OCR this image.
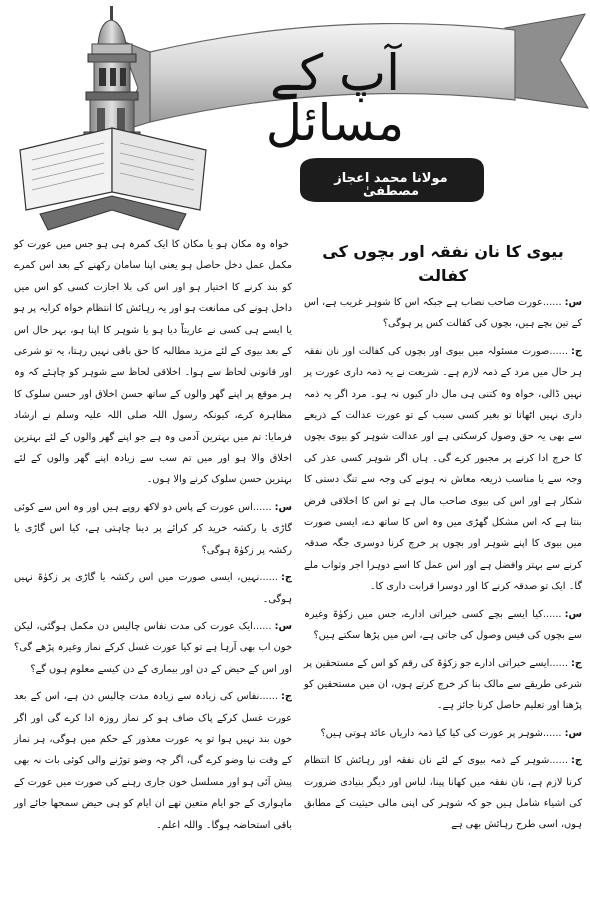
آپ کے مسائل
مولانا محمد اعجاز مصطفیٰ
بیوی کا نان نفقہ اور بچوں کی کفالت

س:......عورت صاحب نصاب ہے جبکہ اس کا شوہر غریب ہے، اس کے تین بچے ہیں، بچوں کی کفالت کس پر ہوگی؟

ج:......صورت مسئولہ میں بیوی اور بچوں کی کفالت اور نان نفقہ ہر حال میں مرد کے ذمہ لازم ہے۔ شریعت نے یہ ذمہ داری عورت پر نہیں ڈالی، خواہ وہ کتنی ہی مال دار کیوں نہ ہو۔ مرد اگر یہ ذمہ داری نہیں اٹھاتا تو بغیر کسی سبب کے تو عورت عدالت کے ذریعے سے بھی یہ حق وصول کرسکتی ہے اور عدالت شوہر کو بیوی بچوں کا خرچ ادا کرنے پر مجبور کرے گی۔ ہاں اگر شوہر کسی عذر کی وجہ سے یا مناسب ذریعہ معاش نہ ہونے کی وجہ سے تنگ دستی کا شکار ہے اور اس کی بیوی صاحب مال ہے تو اس کا اخلاقی فرض بنتا ہے کہ اس مشکل گھڑی میں وہ اس کا ساتھ دے، ایسی صورت میں بیوی کا اپنے شوہر اور بچوں پر خرچ کرنا دوسری جگہ صدقہ کرنے سے بہتر وافضل ہے اور اس عمل کا اسے دوہرا اجر وثواب ملے گا۔ ایک تو صدقہ کرنے کا اور دوسرا قرابت داری کا۔

س:......کیا ایسے بچے کسی خیراتی ادارے، جس میں زکوٰۃ وغیرہ سے بچوں کی فیس وصول کی جاتی ہے، اس میں پڑھا سکتے ہیں؟

ج:......ایسے خیراتی ادارے جو زکوٰۃ کی رقم کو اس کے مستحقین پر شرعی طریقے سے مالک بنا کر خرچ کرتے ہوں، ان میں مستحقین کو پڑھنا اور تعلیم حاصل کرنا جائز ہے۔

س:......شوہر پر عورت کی کیا کیا ذمہ داریاں عائد ہوتی ہیں؟

ج:......شوہر کے ذمہ بیوی کے لئے نان نفقہ اور رہائش کا انتظام کرنا لازم ہے، نان نفقہ میں کھانا پینا، لباس اور دیگر بنیادی ضرورت کی اشیاء شامل ہیں جو کہ شوہر کی اپنی مالی حیثیت کے مطابق ہوں، اسی طرح رہائش بھی ہے

خواہ وہ مکان ہو یا مکان کا ایک کمرہ ہی ہو جس میں عورت کو مکمل عمل دخل حاصل ہو یعنی اپنا سامان رکھنے کے بعد اس کمرے کو بند کرنے کا اختیار ہو اور اس کی بلا اجازت کسی کو اس میں داخل ہونے کی ممانعت ہو اور یہ رہائش کا انتظام خواہ کرایہ پر ہو یا ایسے ہی کسی نے عاریتاً دیا ہو یا شوہر کا اپنا ہو، بہر حال اس کے بعد بیوی کے لئے مزید مطالبہ کا حق باقی نہیں رہتا، یہ تو شرعی اور قانونی لحاظ سے ہوا۔ اخلاقی لحاظ سے شوہر کو چاہئے کہ وہ ہر موقع پر اپنے گھر والوں کے ساتھ حسن اخلاق اور حسن سلوک کا مظاہرہ کرے، کیونکہ رسول اللہ صلی اللہ علیہ وسلم نے ارشاد فرمایا: تم میں بہترین آدمی وہ ہے جو اپنے گھر والوں کے لئے بہترین اخلاق والا ہو اور میں تم سب سے زیادہ اپنے گھر والوں کے لئے بہترین حسن سلوک کرنے والا ہوں۔

س:......اس عورت کے پاس دو لاکھ روپے ہیں اور وہ اس سے کوئی گاڑی یا رکشہ خرید کر کرائے پر دینا چاہتی ہے، کیا اس گاڑی یا رکشہ پر زکوٰۃ ہوگی؟

ج:......نہیں، ایسی صورت میں اس رکشہ یا گاڑی پر زکوٰۃ نہیں ہوگی۔

س:......ایک عورت کی مدت نفاس چالیس دن مکمل ہوگئی، لیکن خون اب بھی آرہا ہے تو کیا عورت غسل کرکے نماز وغیرہ پڑھے گی؟ اور اس کے حیض کے دن اور بیماری کے دن کیسے معلوم ہوں گے؟

ج:......نفاس کی زیادہ سے زیادہ مدت چالیس دن ہے، اس کے بعد عورت غسل کرکے پاک صاف ہو کر نماز روزہ ادا کرے گی اور اگر خون بند نہیں ہوا تو یہ عورت معذور کے حکم میں ہوگی، ہر نماز کے وقت نیا وضو کرے گی، اگر چہ وضو توڑنے والی کوئی بات نہ بھی پیش آئی ہو اور مسلسل خون جاری رہنے کی صورت میں عورت کے ماہواری کے جو ایام متعین تھے ان ایام کو ہی حیض سمجھا جائے اور باقی استحاضہ ہوگا۔ واللہ اعلم۔
